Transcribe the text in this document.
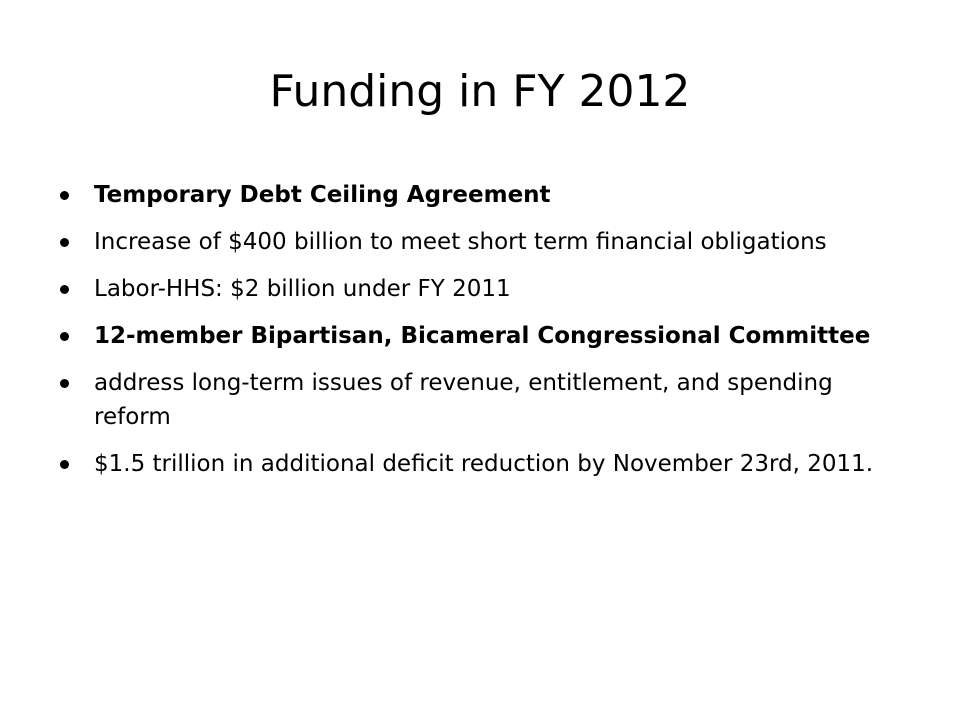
Funding in FY 2012
Temporary Debt Ceiling Agreement
Increase of $400 billion to meet short term financial obligations
Labor-HHS: $2 billion under FY 2011
12-member Bipartisan, Bicameral Congressional Committee
address long-term issues of revenue, entitlement, and spending reform
$1.5 trillion in additional deficit reduction by November 23rd, 2011.
